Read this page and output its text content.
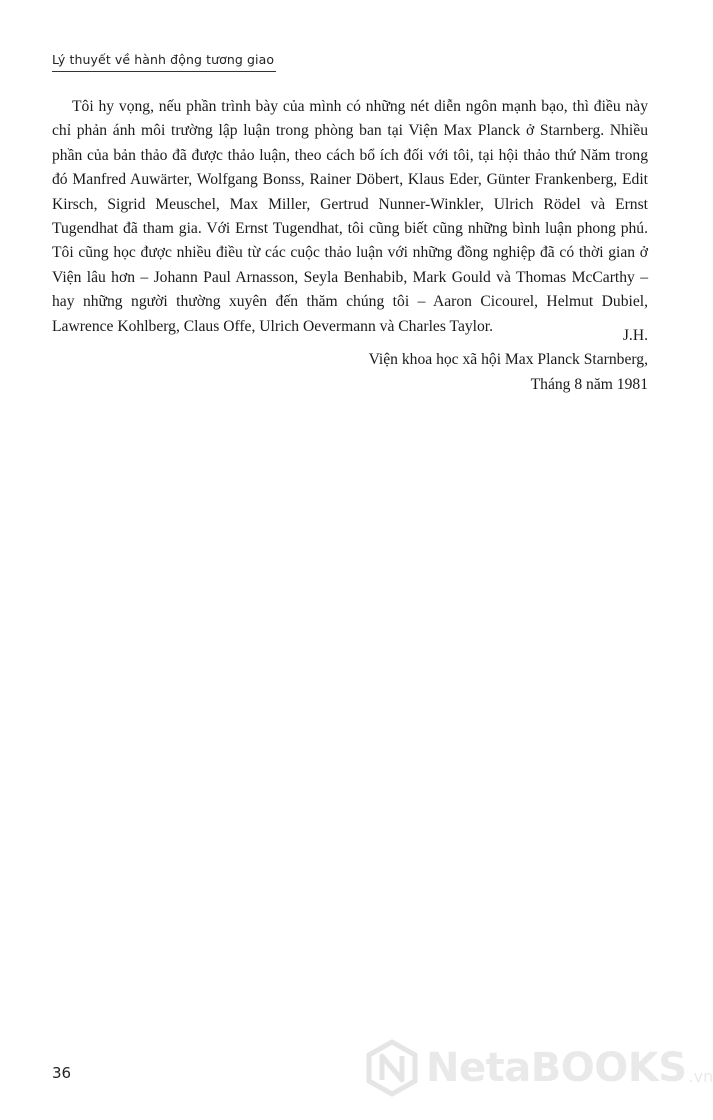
Lý thuyết về hành động tương giao

Tôi hy vọng, nếu phần trình bày của mình có những nét diễn ngôn mạnh bạo, thì điều này chỉ phản ánh môi trường lập luận trong phòng ban tại Viện Max Planck ở Starnberg. Nhiều phần của bản thảo đã được thảo luận, theo cách bổ ích đối với tôi, tại hội thảo thứ Năm trong đó Manfred Auwärter, Wolfgang Bonss, Rainer Döbert, Klaus Eder, Günter Frankenberg, Edit Kirsch, Sigrid Meuschel, Max Miller, Gertrud Nunner-Winkler, Ulrich Rödel và Ernst Tugendhat đã tham gia. Với Ernst Tugendhat, tôi cũng biết cũng những bình luận phong phú. Tôi cũng học được nhiều điều từ các cuộc thảo luận với những đồng nghiệp đã có thời gian ở Viện lâu hơn – Johann Paul Arnasson, Seyla Benhabib, Mark Gould và Thomas McCarthy – hay những người thường xuyên đến thăm chúng tôi – Aaron Cicourel, Helmut Dubiel, Lawrence Kohlberg, Claus Offe, Ulrich Oevermann và Charles Taylor.

J.H.
Viện khoa học xã hội Max Planck Starnberg,
Tháng 8 năm 1981
36	NetaBOOKS .vn
